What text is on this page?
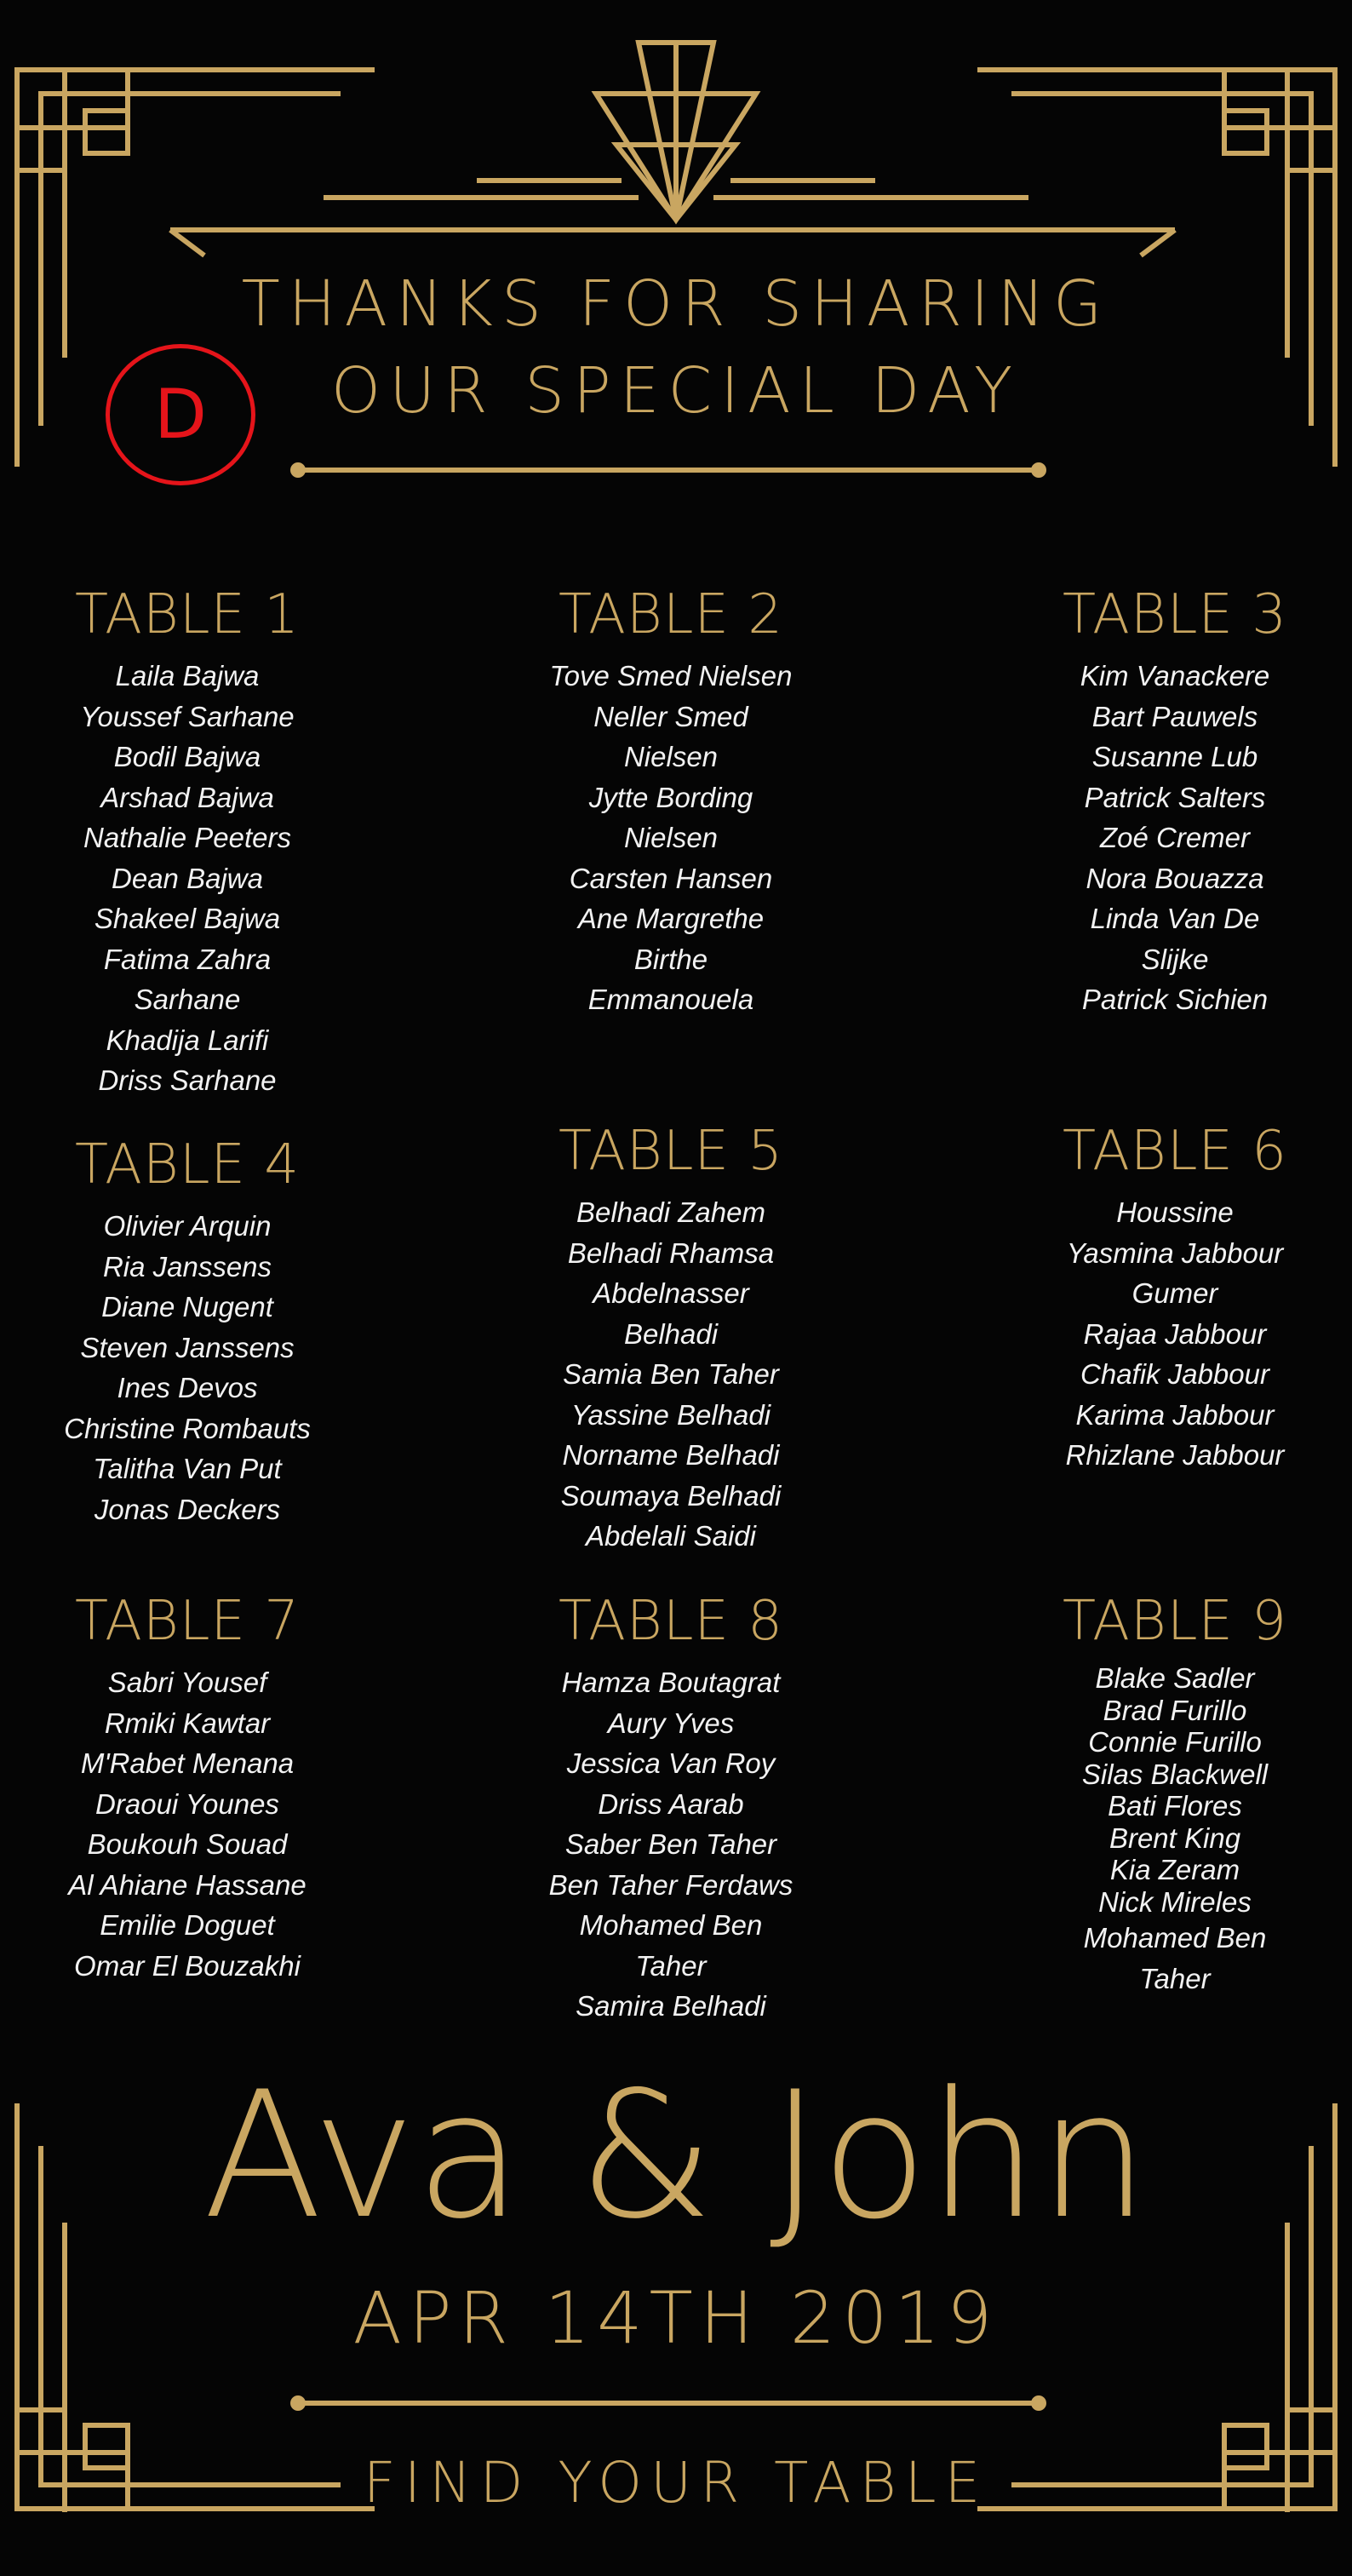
THANKS FOR SHARING
OUR SPECIAL DAY
D
TABLE 1
Laila Bajwa
Youssef Sarhane
Bodil Bajwa
Arshad Bajwa
Nathalie Peeters
Dean Bajwa
Shakeel Bajwa
Fatima Zahra
Sarhane
Khadija Larifi
Driss Sarhane
TABLE 2
Tove Smed Nielsen
Neller Smed
Nielsen
Jytte Bording
Nielsen
Carsten Hansen
Ane Margrethe
Birthe
Emmanouela
TABLE 3
Kim Vanackere
Bart Pauwels
Susanne Lub
Patrick Salters
Zoé Cremer
Nora Bouazza
Linda Van De
Slijke
Patrick Sichien
TABLE 4
Olivier Arquin
Ria Janssens
Diane Nugent
Steven Janssens
Ines Devos
Christine Rombauts
Talitha Van Put
Jonas Deckers
TABLE 5
Belhadi Zahem
Belhadi Rhamsa
Abdelnasser
Belhadi
Samia Ben Taher
Yassine Belhadi
Norname Belhadi
Soumaya Belhadi
Abdelali Saidi
TABLE 6
Houssine
Yasmina Jabbour
Gumer
Rajaa Jabbour
Chafik Jabbour
Karima Jabbour
Rhizlane Jabbour
TABLE 7
Sabri Yousef
Rmiki Kawtar
M'Rabet Menana
Draoui Younes
Boukouh Souad
Al Ahiane Hassane
Emilie Doguet
Omar El Bouzakhi
TABLE 8
Hamza Boutagrat
Aury Yves
Jessica Van Roy
Driss Aarab
Saber Ben Taher
Ben Taher Ferdaws
Mohamed Ben
Taher
Samira Belhadi
TABLE 9
Blake Sadler
Brad Furillo
Connie Furillo
Silas Blackwell
Bati Flores
Brent King
Kia Zeram
Nick Mireles
Mohamed Ben
Taher
Ava & John
APR 14TH 2019
FIND YOUR TABLE
